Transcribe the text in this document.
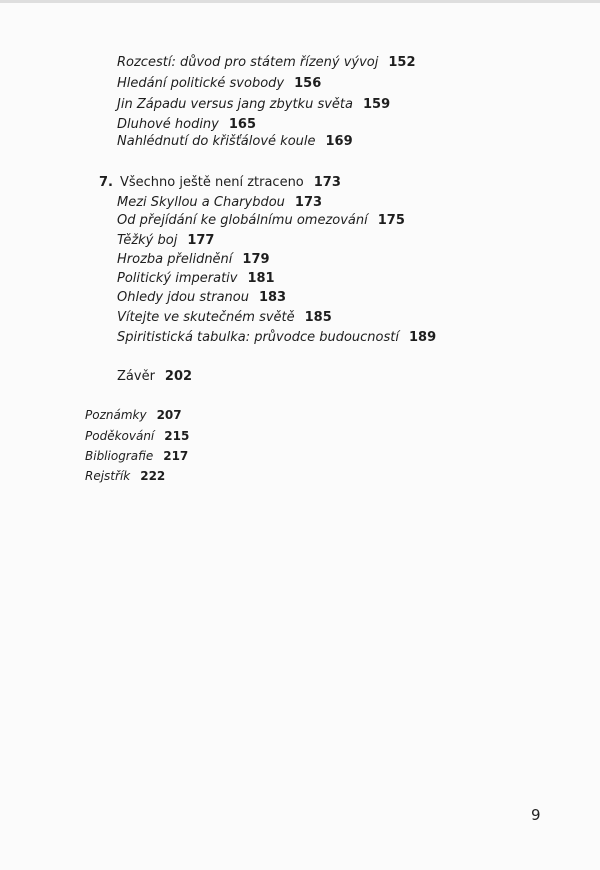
Rozcestí: důvod pro státem řízený vývoj 152
Hledání politické svobody 156
Jin Západu versus jang zbytku světa 159
Dluhové hodiny 165
Nahlédnutí do křišťálové koule 169
7. Všechno ještě není ztraceno 173
Mezi Skyllou a Charybdou 173
Od přejídání ke globálnímu omezování 175
Těžký boj 177
Hrozba přelidnění 179
Politický imperativ 181
Ohledy jdou stranou 183
Vítejte ve skutečném světě 185
Spiritistická tabulka: průvodce budoucností 189
Závěr 202
Poznámky 207
Poděkování 215
Bibliografie 217
Rejstřík 222
9
